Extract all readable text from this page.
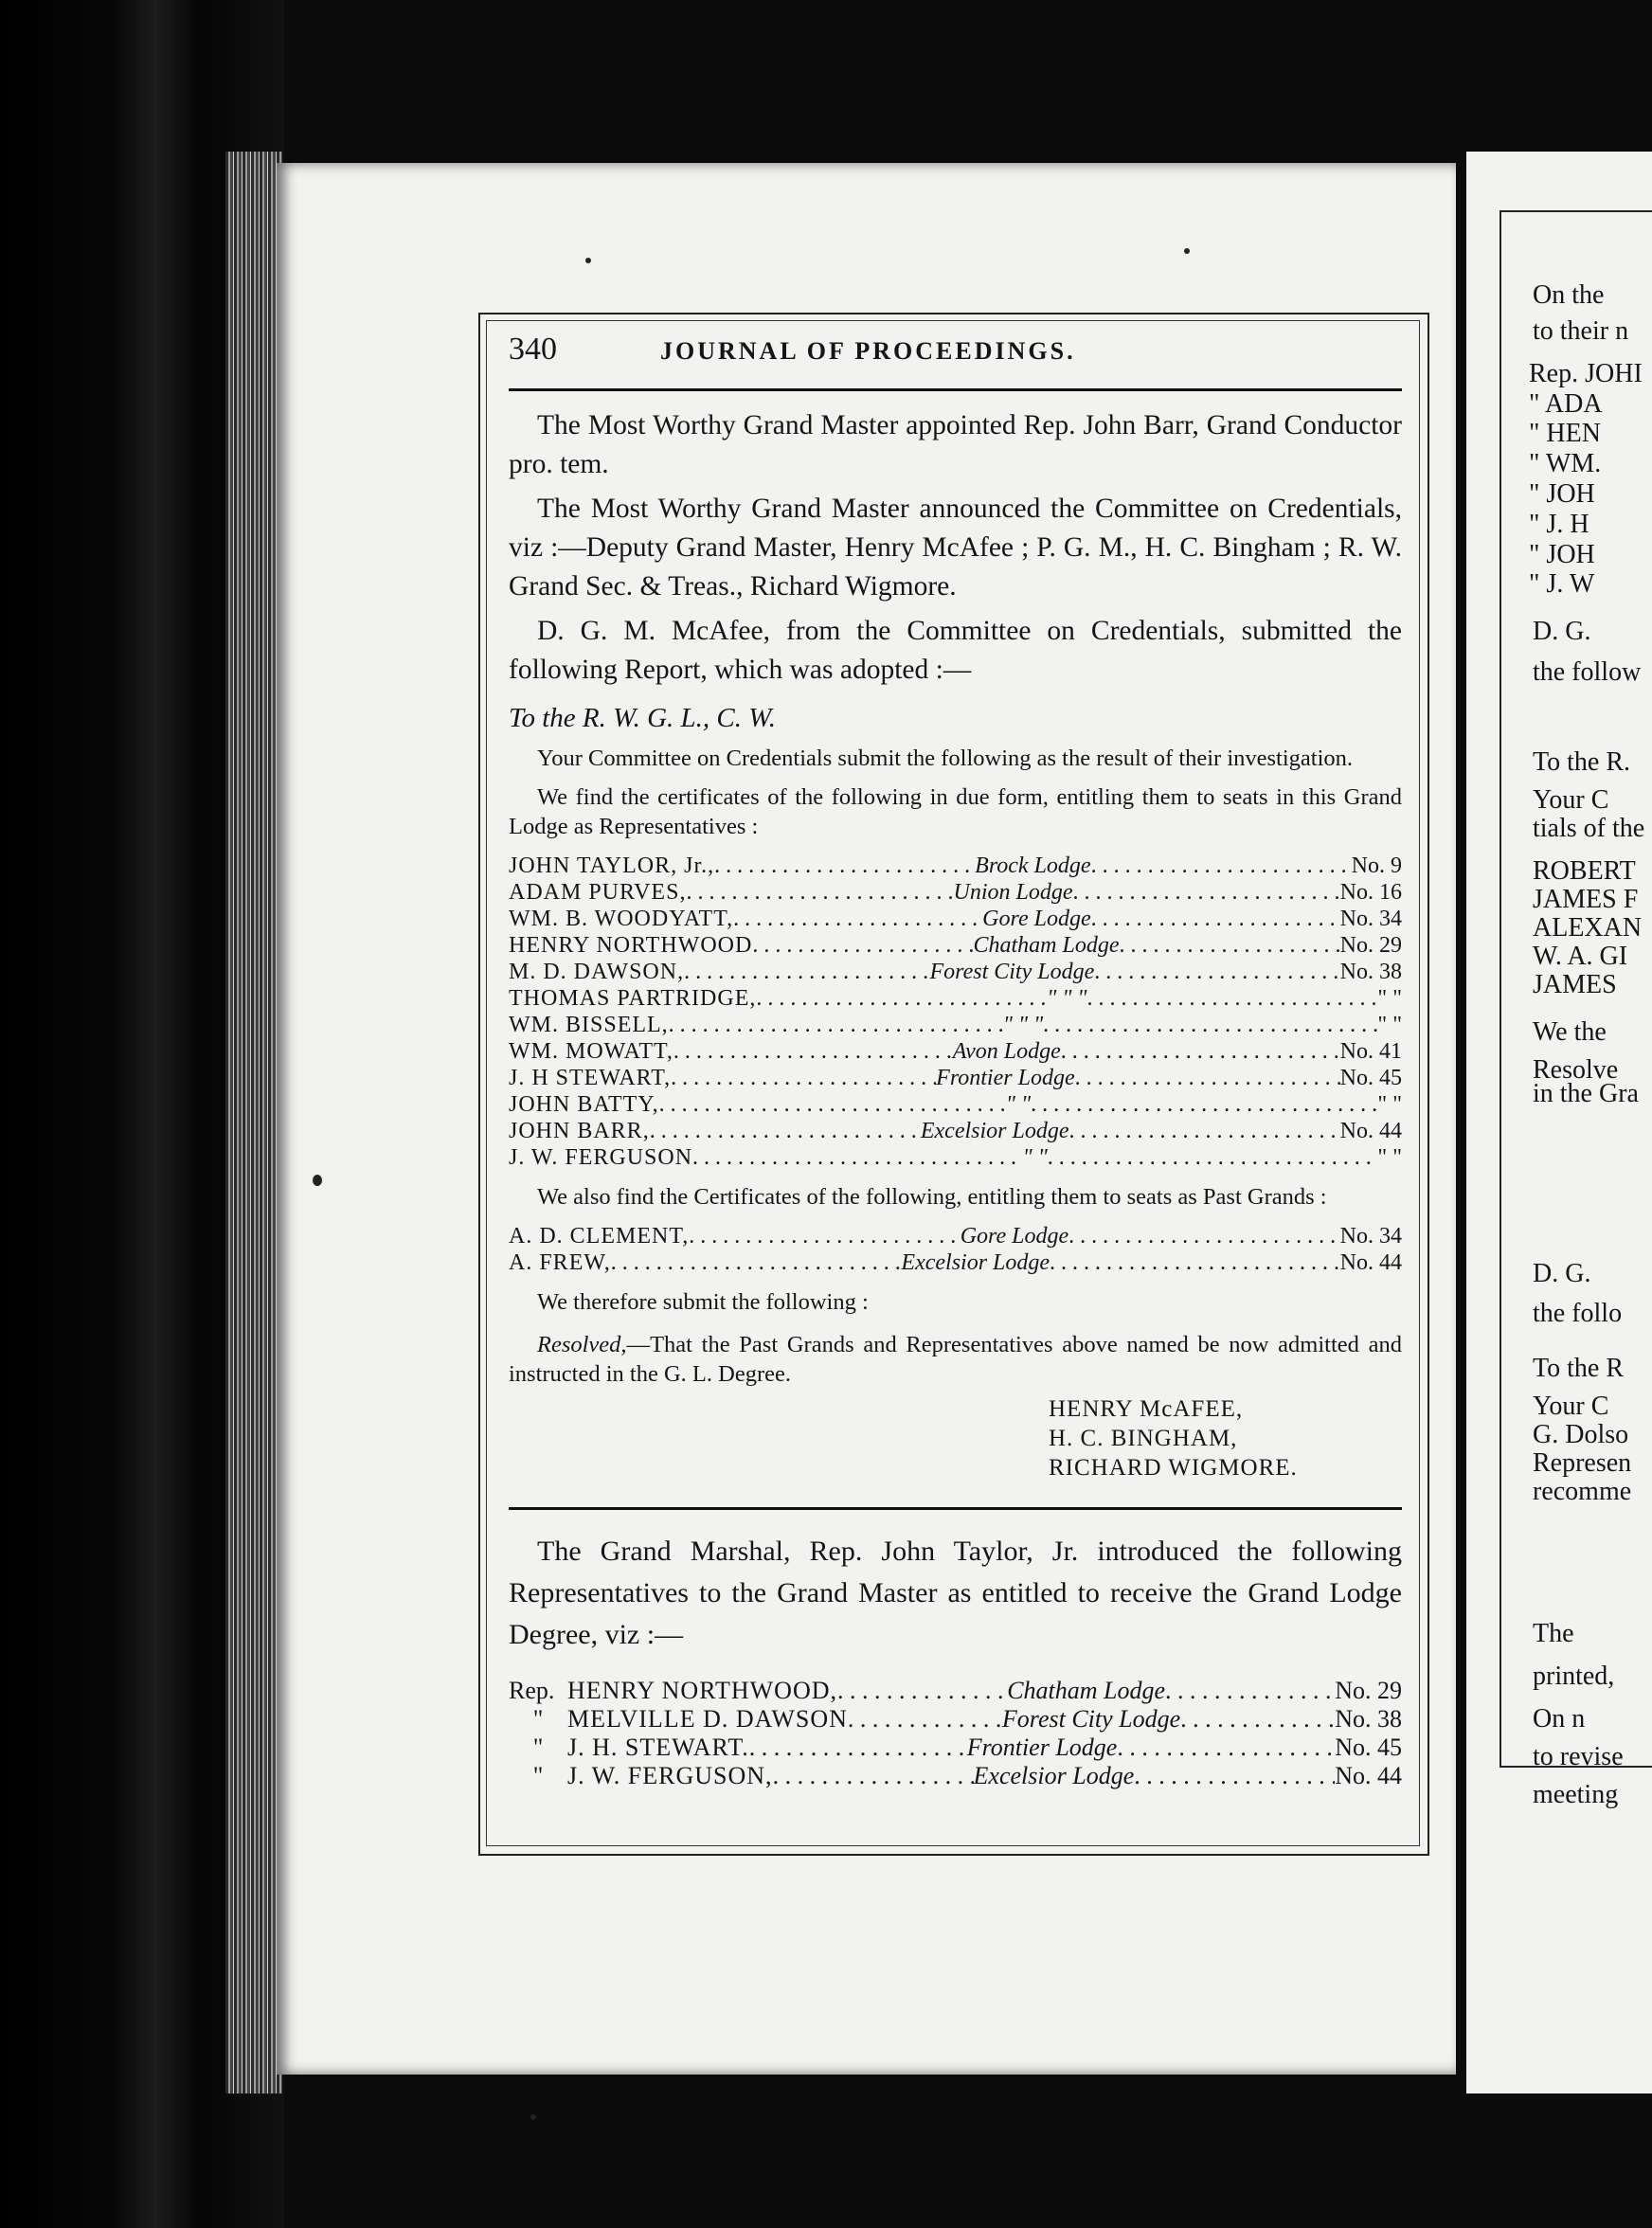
340	JOURNAL OF PROCEEDINGS.

The Most Worthy Grand Master appointed Rep. John Barr, Grand Conductor pro. tem.

The Most Worthy Grand Master announced the Committee on Credentials, viz :—Deputy Grand Master, Henry McAfee ; P. G. M., H. C. Bingham ; R. W. Grand Sec. & Treas., Richard Wigmore.

D. G. M. McAfee, from the Committee on Credentials, submitted the following Report, which was adopted :—

To the R. W. G. L., C. W.

Your Committee on Credentials submit the following as the result of their investigation.

We find the certificates of the following in due form, entitling them to seats in this Grand Lodge as Representatives :

JOHN TAYLOR, Jr., . . .	Brock Lodge . . .	No. 9
ADAM PURVES, . . .	Union Lodge . . .	No. 16
WM. B. WOODYATT, . . .	Gore Lodge . . .	No. 34
HENRY NORTHWOOD . . .	Chatham Lodge . . .	No. 29
M. D. DAWSON, . . .	Forest City Lodge . . .	No. 38
THOMAS PARTRIDGE, . . .	" " " . . .	" "
WM. BISSELL, . . .	" " " . . .	" "
WM. MOWATT, . . .	Avon Lodge . . .	No. 41
J. H STEWART, . . .	Frontier Lodge . . .	No. 45
JOHN BATTY, . . .	" " . . .	" "
JOHN BARR, . . .	Excelsior Lodge . . .	No. 44
J. W. FERGUSON . . .	" " . . .	" "

We also find the Certificates of the following, entitling them to seats as Past Grands :

A. D. CLEMENT, . . .	Gore Lodge . . .	No. 34
A. FREW, . . .	Excelsior Lodge . . .	No. 44

We therefore submit the following :

Resolved,—That the Past Grands and Representatives above named be now admitted and instructed in the G. L. Degree.

HENRY McAFEE,
H. C. BINGHAM,
RICHARD WIGMORE.

The Grand Marshal, Rep. John Taylor, Jr. introduced the following Representatives to the Grand Master as entitled to receive the Grand Lodge Degree, viz :—

Rep. HENRY NORTHWOOD, . . .	Chatham Lodge . . .	No. 29
" MELVILLE D. DAWSON . . .	Forest City Lodge . . .	No. 38
" J. H. STEWART. . . .	Frontier Lodge . . .	No. 45
" J. W. FERGUSON, . . .	Excelsior Lodge . . .	No. 44
On the
to their n
Rep. JOHI
" ADA
" HEN
" WM.
" JOH
" J. H
" JOH
" J. W
D. G.
the follow
To the R.
Your C
tials of the
ROBERT
JAMES F
ALEXAN
W. A. GI
JAMES
We the
Resolve
in the Gra
D. G.
the follo
To the R
Your C
G. Dolso
Represen
recomme
The
printed,
On n
to revise
meeting
